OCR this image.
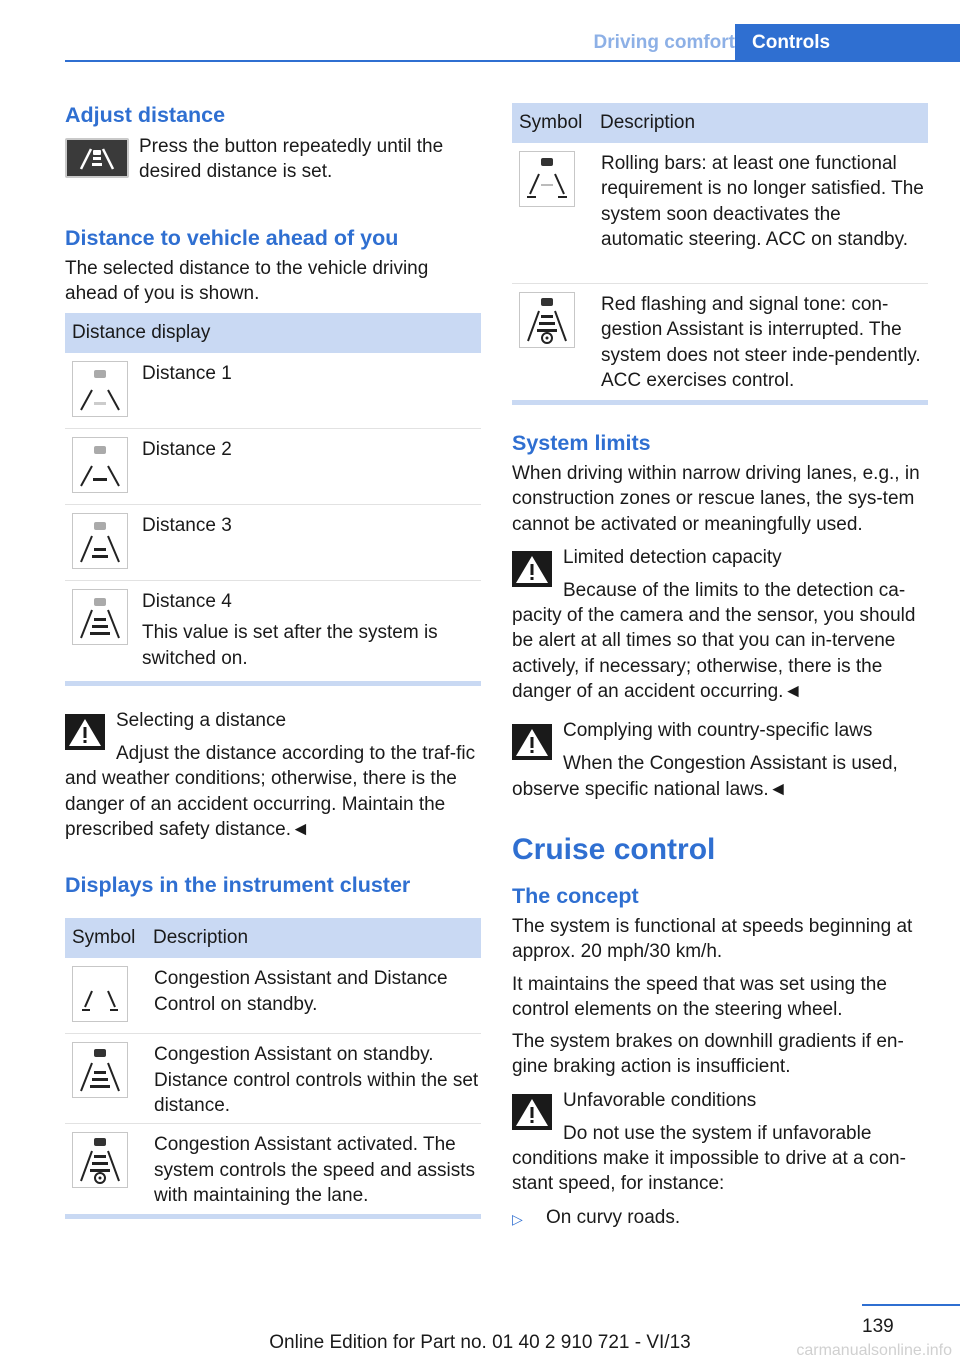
Driving comfort Controls
Adjust distance
Press the button repeatedly until the desired distance is set.
Distance to vehicle ahead of you
The selected distance to the vehicle driving ahead of you is shown.
Distance display
Distance 1
Distance 2
Distance 3
Distance 4
This value is set after the system is switched on.
Selecting a distance
Adjust the distance according to the traf-fic and weather conditions; otherwise, there is the danger of an accident occurring. Maintain the prescribed safety distance.◄
Displays in the instrument cluster
Symbol Description
Congestion Assistant and Distance Control on standby.
Congestion Assistant on standby. Distance control controls within the set distance.
Congestion Assistant activated. The system controls the speed and assists with maintaining the lane.
Symbol Description
Rolling bars: at least one functional requirement is no longer satisfied. The system soon deactivates the automatic steering. ACC on standby.
Red flashing and signal tone: con-gestion Assistant is interrupted. The system does not steer inde-pendently. ACC exercises control.
System limits
When driving within narrow driving lanes, e.g., in construction zones or rescue lanes, the sys-tem cannot be activated or meaningfully used.
Limited detection capacity
Because of the limits to the detection ca-pacity of the camera and the sensor, you should be alert at all times so that you can in-tervene actively, if necessary; otherwise, there is the danger of an accident occurring.◄
Complying with country-specific laws
When the Congestion Assistant is used, observe specific national laws.◄
Cruise control
The concept
The system is functional at speeds beginning at approx. 20 mph/30 km/h.
It maintains the speed that was set using the control elements on the steering wheel.
The system brakes on downhill gradients if en-gine braking action is insufficient.
Unfavorable conditions
Do not use the system if unfavorable conditions make it impossible to drive at a con-stant speed, for instance:
▷	On curvy roads.
139
Online Edition for Part no. 01 40 2 910 721 - VI/13	carmanualsonline.info
